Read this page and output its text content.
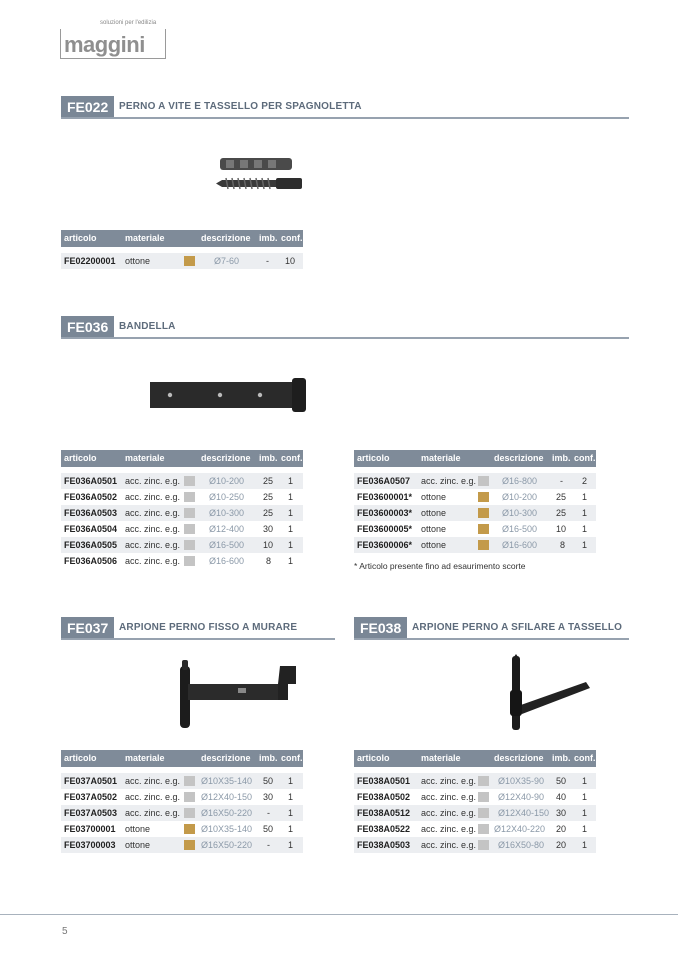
soluzioni per l'edilizia
maggini
FE022	PERNO A VITE E TASSELLO PER SPAGNOLETTA
articolo	materiale	descrizione imb. conf.
FE02200001 ottone	Ø7-60	- 10
FE036	BANDELLA
articolo	materiale	descrizione imb. conf.
FE036A0501 acc. zinc. e.g.	Ø10-200 25 1
FE036A0502 acc. zinc. e.g.	Ø10-250 25 1
FE036A0503 acc. zinc. e.g.	Ø10-300 25 1
FE036A0504 acc. zinc. e.g.	Ø12-400 30 1
FE036A0505 acc. zinc. e.g.	Ø16-500 10 1
FE036A0506 acc. zinc. e.g.	Ø16-600 8 1
articolo	materiale	descrizione imb. conf.
FE036A0507 acc. zinc. e.g.	Ø16-800	- 2
FE03600001* ottone	Ø10-200 25 1
FE03600003* ottone	Ø10-300 25 1
FE03600005* ottone	Ø16-500 10 1
FE03600006* ottone	Ø16-600	8 1
* Articolo presente fino ad esaurimento scorte
FE037	ARPIONE PERNO FISSO A MURARE	FE038	ARPIONE PERNO A SFILARE A TASSELLO
articolo	materiale	descrizione imb. conf.
FE037A0501 acc. zinc. e.g. Ø10X35-140 50 1
FE037A0502 acc. zinc. e.g. Ø12X40-150 30 1
FE037A0503 acc. zinc. e.g. Ø16X50-220 - 1
FE03700001 ottone	Ø10X35-140 50 1
FE03700003 ottone	Ø16X50-220 - 1
articolo	materiale	descrizione imb. conf.
FE038A0501 acc. zinc. e.g. Ø10X35-90 50 1
FE038A0502 acc. zinc. e.g. Ø12X40-90 40 1
FE038A0512 acc. zinc. e.g. Ø12X40-150 30 1
FE038A0522 acc. zinc. e.g. Ø12X40-220 20 1
FE038A0503 acc. zinc. e.g. Ø16X50-80 20 1
5
